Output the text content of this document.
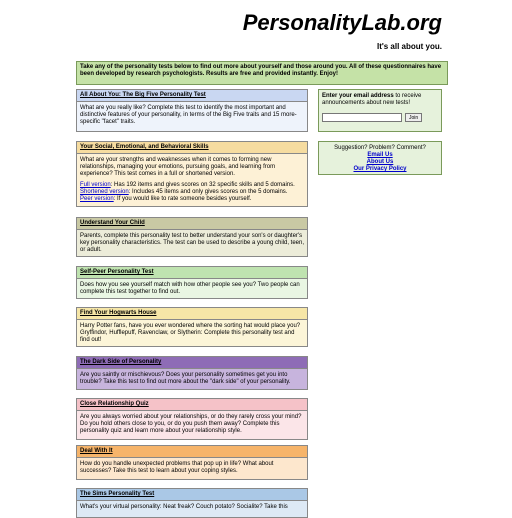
PersonalityLab.org
It's all about you.
Take any of the personality tests below to find out more about yourself and those around you. All of these questionnaires have been developed by research psychologists. Results are free and provided instantly. Enjoy!
All About You: The Big Five Personality Test
What are you really like? Complete this test to identify the most important and distinctive features of your personality, in terms of the Big Five traits and 15 more-specific "facet" traits.
Your Social, Emotional, and Behavioral Skills
What are your strengths and weaknesses when it comes to forming new relationships, managing your emotions, pursuing goals, and learning from experience? This test comes in a full or shortened version.
Full version: Has 192 items and gives scores on 32 specific skills and 5 domains.
Shortened version: Includes 45 items and only gives scores on the 5 domains.
Peer version: If you would like to rate someone besides yourself.
Understand Your Child
Parents, complete this personality test to better understand your son's or daughter's key personality characteristics. The test can be used to describe a young child, teen, or adult.
Self-Peer Personality Test
Does how you see yourself match with how other people see you? Two people can complete this test together to find out.
Find Your Hogwarts House
Harry Potter fans, have you ever wondered where the sorting hat would place you? Gryffindor, Hufflepuff, Ravenclaw, or Slytherin: Complete this personality test and find out!
The Dark Side of Personality
Are you saintly or mischievous? Does your personality sometimes get you into trouble? Take this test to find out more about the "dark side" of your personality.
Close Relationship Quiz
Are you always worried about your relationships, or do they rarely cross your mind? Do you hold others close to you, or do you push them away? Complete this personality quiz and learn more about your relationship style.
Deal With It
How do you handle unexpected problems that pop up in life? What about successes? Take this test to learn about your coping styles.
The Sims Personality Test
What's your virtual personality: Neat freak? Couch potato? Socialite? Take this
Enter your email address to receive announcements about new tests!
Join
Suggestion? Problem? Comment?
Email Us
About Us
Our Privacy Policy
